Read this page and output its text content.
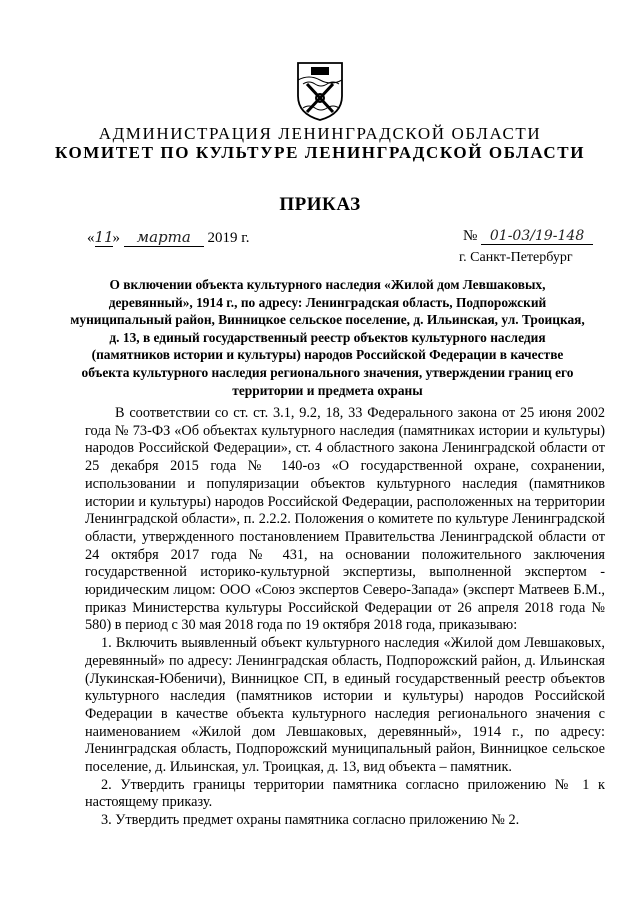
АДМИНИСТРАЦИЯ ЛЕНИНГРАДСКОЙ ОБЛАСТИ
КОМИТЕТ ПО КУЛЬТУРЕ ЛЕНИНГРАДСКОЙ ОБЛАСТИ
ПРИКАЗ
«11» марта 2019 г.	№ 01-03/19-148
г. Санкт-Петербург
О включении объекта культурного наследия «Жилой дом Левшаковых, деревянный», 1914 г., по адресу: Ленинградская область, Подпорожский муниципальный район, Винницкое сельское поселение, д. Ильинская, ул. Троицкая, д. 13, в единый государственный реестр объектов культурного наследия (памятников истории и культуры) народов Российской Федерации в качестве объекта культурного наследия регионального значения, утверждении границ его территории и предмета охраны

В соответствии со ст. ст. 3.1, 9.2, 18, 33 Федерального закона от 25 июня 2002 года № 73-ФЗ «Об объектах культурного наследия (памятниках истории и культуры) народов Российской Федерации», ст. 4 областного закона Ленинградской области от 25 декабря 2015 года № 140-оз «О государственной охране, сохранении, использовании и популяризации объектов культурного наследия (памятников истории и культуры) народов Российской Федерации, расположенных на территории Ленинградской области», п. 2.2.2. Положения о комитете по культуре Ленинградской области, утвержденного постановлением Правительства Ленинградской области от 24 октября 2017 года № 431, на основании положительного заключения государственной историко-культурной экспертизы, выполненной экспертом - юридическим лицом: ООО «Союз экспертов Северо-Запада» (эксперт Матвеев Б.М., приказ Министерства культуры Российской Федерации от 26 апреля 2018 года № 580) в период с 30 мая 2018 года по 19 октября 2018 года, приказываю:

1. Включить выявленный объект культурного наследия «Жилой дом Левшаковых, деревянный» по адресу: Ленинградская область, Подпорожский район, д. Ильинская (Лукинская-Юбеничи), Винницкое СП, в единый государственный реестр объектов культурного наследия (памятников истории и культуры) народов Российской Федерации в качестве объекта культурного наследия регионального значения с наименованием «Жилой дом Левшаковых, деревянный», 1914 г., по адресу: Ленинградская область, Подпорожский муниципальный район, Винницкое сельское поселение, д. Ильинская, ул. Троицкая, д. 13, вид объекта – памятник.

2. Утвердить границы территории памятника согласно приложению № 1 к настоящему приказу.

3. Утвердить предмет охраны памятника согласно приложению № 2.
